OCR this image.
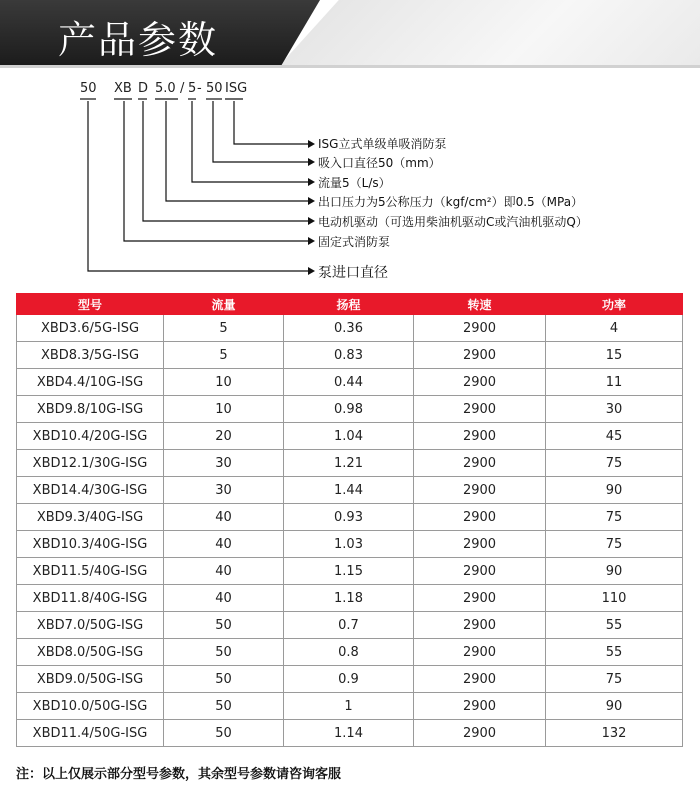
产品参数
50 XB D 5.0 / 5 - 50 ISG
ISG立式单级单吸消防泵
吸入口直径50（mm）
流量5（L/s）
出口压力为5公称压力（kgf/cm²）即0.5（MPa）
电动机驱动（可选用柴油机驱动C或汽油机驱动Q）
固定式消防泵
泵进口直径
型号	流量	扬程	转速	功率
XBD3.6/5G-ISG	5	0.36	2900	4
XBD8.3/5G-ISG	5	0.83	2900	15
XBD4.4/10G-ISG	10	0.44	2900	11
XBD9.8/10G-ISG	10	0.98	2900	30
XBD10.4/20G-ISG	20	1.04	2900	45
XBD12.1/30G-ISG	30	1.21	2900	75
XBD14.4/30G-ISG	30	1.44	2900	90
XBD9.3/40G-ISG	40	0.93	2900	75
XBD10.3/40G-ISG	40	1.03	2900	75
XBD11.5/40G-ISG	40	1.15	2900	90
XBD11.8/40G-ISG	40	1.18	2900	110
XBD7.0/50G-ISG	50	0.7	2900	55
XBD8.0/50G-ISG	50	0.8	2900	55
XBD9.0/50G-ISG	50	0.9	2900	75
XBD10.0/50G-ISG	50	1	2900	90
XBD11.4/50G-ISG	50	1.14	2900	132
注：以上仅展示部分型号参数，其余型号参数请咨询客服
